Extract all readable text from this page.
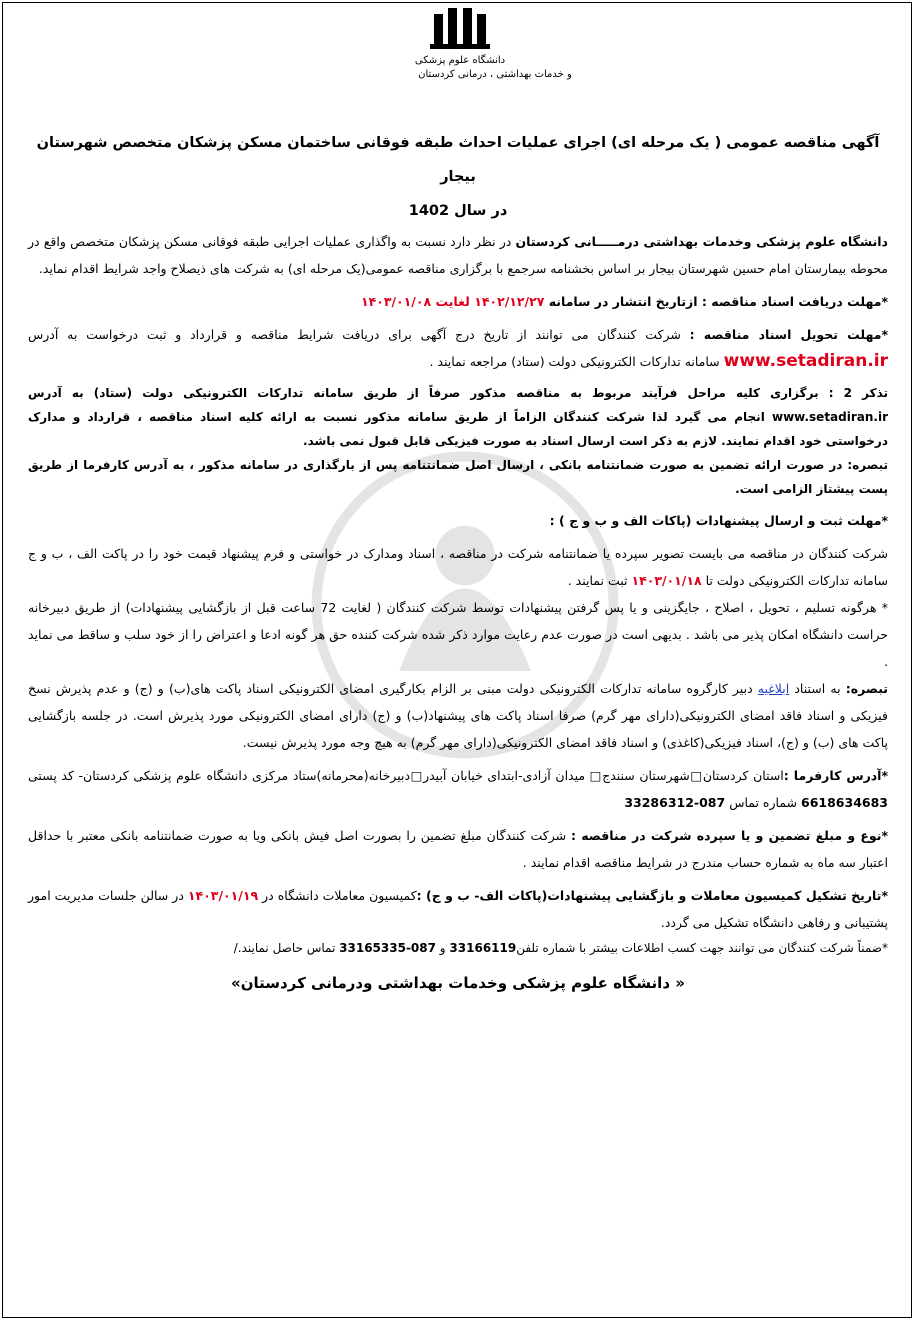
دانشگاه علوم پزشکی
و خدمات بهداشتی ، درمانی کردستان
آگهی مناقصه عمومی ( یک مرحله ای) اجرای عملیات احداث طبقه فوقانی ساختمان مسکن پزشکان متخصص شهرستان بیجار
در سال 1402

دانشگاه علوم پزشکی وخدمات بهداشتی درمـــــانی کردستان در نظر دارد نسبت به واگذاری عملیات اجرایی طبقه فوقانی مسکن پزشکان متخصص واقع در محوطه بیمارستان امام حسین شهرستان بیجار بر اساس بخشنامه سرجمع با برگزاری مناقصه عمومی(یک مرحله ای) به شرکت های ذیصلاح واجد شرایط اقدام نماید.

*مهلت دریافت اسناد مناقصه : ازتاریخ انتشار در سامانه ۱۴۰۲/۱۲/۲۷ لغایت ۱۴۰۳/۰۱/۰۸

*مهلت تحویل اسناد مناقصه : شرکت کنندگان می توانند از تاریخ درج آگهی برای دریافت شرایط مناقصه و قرارداد و ثبت درخواست به آدرس www.setadiran.ir سامانه تدارکات الکترونیکی دولت (ستاد) مراجعه نمایند .

تذکر 2 : برگزاری کلیه مراحل فرآیند مربوط به مناقصه مذکور صرفاً از طریق سامانه تدارکات الکترونیکی دولت (ستاد) به آدرس www.setadiran.ir انجام می گیرد لذا شرکت کنندگان الزاماً از طریق سامانه مذکور نسبت به ارائه کلیه اسناد مناقصه ، قرارداد و مدارک درخواستی خود اقدام نمایند. لازم به ذکر است ارسال اسناد به صورت فیزیکی قابل قبول نمی باشد.

تبصره: در صورت ارائه تضمین به صورت ضمانتنامه بانکی ، ارسال اصل ضمانتنامه پس از بارگذاری در سامانه مذکور ، به آدرس کارفرما از طریق پست پیشتاز الزامی است.

*مهلت ثبت و ارسال پیشنهادات (پاکات الف و ب و ج ) :

شرکت کنندگان در مناقصه می بایست تصویر سپرده یا ضمانتنامه شرکت در مناقصه ، اسناد ومدارک در خواستی و فرم پیشنهاد قیمت خود را در پاکت الف ، ب و ج سامانه تدارکات الکترونیکی دولت تا ۱۴۰۳/۰۱/۱۸ ثبت نمایند .

* هرگونه تسلیم ، تحویل ، اصلاح ، جایگزینی و یا پس گرفتن پیشنهادات توسط شرکت کنندگان ( لغایت 72 ساعت قبل از بازگشایی پیشنهادات) از طریق دبیرخانه حراست دانشگاه امکان پذیر می باشد . بدیهی است در صورت عدم رعایت موارد ذکر شده شرکت کننده حق هر گونه ادعا و اعتراض را از خود سلب و ساقط می نماید .

تبصره: به استناد ابلاغیه دبیر کارگروه سامانه تدارکات الکترونیکی دولت مبنی بر الزام بکارگیری امضای الکترونیکی اسناد پاکت های(ب) و (ج) و عدم پذیرش نسخ فیزیکی و اسناد فاقد امضای الکترونیکی(دارای مهر گرم) صرفا اسناد پاکت های پیشنهاد(ب) و (ج) دارای امضای الکترونیکی مورد پذیرش است. در جلسه بازگشایی پاکت های (ب) و (ج)، اسناد فیزیکی(کاغذی) و اسناد فاقد امضای الکترونیکی(دارای مهر گرم) به هیچ وجه مورد پذیرش نیست.

*آدرس کارفرما :استان کردستان□شهرستان سنندج□ میدان آزادی-ابتدای خیابان آبیدر□دبیرخانه(محرمانه)ستاد مرکزی دانشگاه علوم پزشکی کردستان- کد پستی 6618634683 شماره تماس 33286312-087

*نوع و مبلغ تضمین و یا سپرده شرکت در مناقصه : شرکت کنندگان مبلغ تضمین را بصورت اصل فیش بانکی ویا به صورت ضمانتنامه بانکی معتبر با حداقل اعتبار سه ماه به شماره حساب مندرج در شرایط مناقصه اقدام نمایند .

*تاریخ تشکیل کمیسیون معاملات و بازگشایی پیشنهادات(پاکات الف- ب و ج) :کمیسیون معاملات دانشگاه در ۱۴۰۳/۰۱/۱۹ در سالن جلسات مدیریت امور پشتیبانی و رفاهی دانشگاه تشکیل می گردد.

*ضمناً شرکت کنندگان می توانند جهت کسب اطلاعات بیشتر با شماره تلفن33166119 و 33165335-087 تماس حاصل نمایند./

« دانشگاه علوم پزشکی وخدمات بهداشتی ودرمانی کردستان»
